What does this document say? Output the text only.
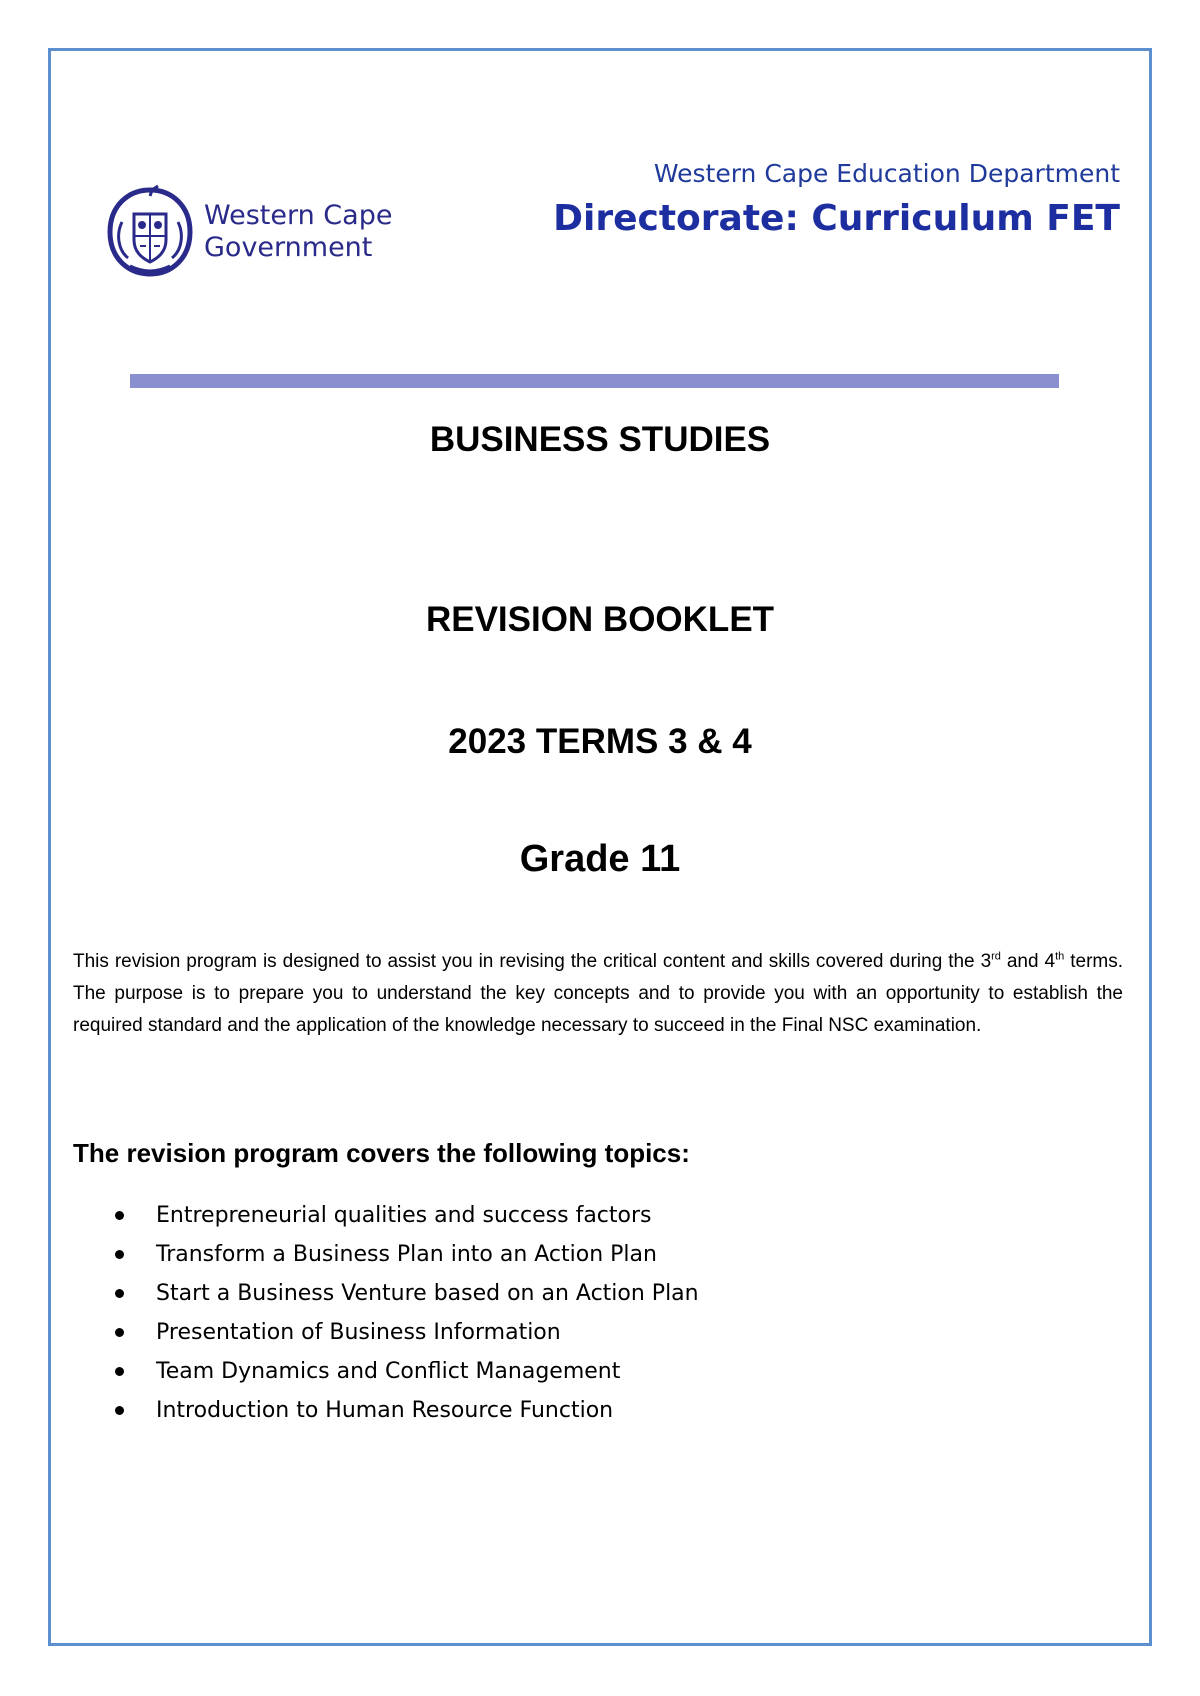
Western Cape
Government
Western Cape Education Department
Directorate: Curriculum FET
BUSINESS STUDIES
REVISION BOOKLET
2023 TERMS 3 & 4
Grade 11
This revision program is designed to assist you in revising the critical content and skills covered during the 3rd and 4th terms. The purpose is to prepare you to understand the key concepts and to provide you with an opportunity to establish the required standard and the application of the knowledge necessary to succeed in the Final NSC examination.
The revision program covers the following topics:
Entrepreneurial qualities and success factors
Transform a Business Plan into an Action Plan
Start a Business Venture based on an Action Plan
Presentation of Business Information
Team Dynamics and Conflict Management
Introduction to Human Resource Function
